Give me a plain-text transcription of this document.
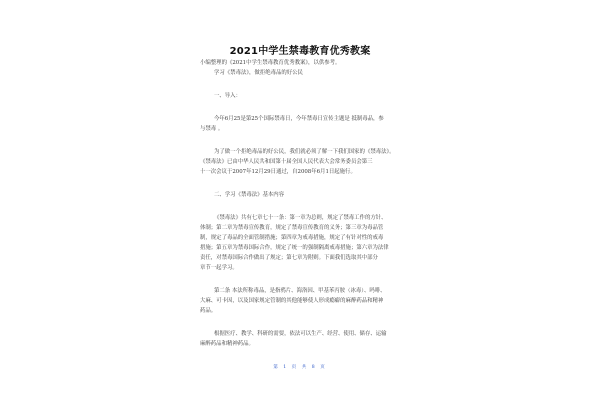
2021中学生禁毒教育优秀教案
小编整理的《2021中学生禁毒教育优秀教案》，以供参考。
学习《禁毒法》，做拒绝毒品的好公民
一、导入：
今年6月25是第25个国际禁毒日，今年禁毒日宣传主题是 抵制毒品，参
与禁毒 。
为了做一个拒绝毒品的好公民，我们就必须了解一下我们国家的《禁毒法》。
《禁毒法》已由中华人民共和国第十届全国人民代表大会常务委员会第三
十一次会议于2007年12月29日通过，自2008年6月1日起施行。
二、学习《禁毒法》基本内容
《禁毒法》共有七章七十一条：第一章为总则，规定了禁毒工作的方针、
体制；第二章为禁毒宣传教育，规定了禁毒宣传教育的义务；第三章为毒品管
制，规定了毒品的全面管制措施；第四章为戒毒措施，规定了有针对性的戒毒
措施；第五章为禁毒国际合作，规定了统一的强制隔离戒毒措施；第六章为法律
责任，对禁毒国际合作做出了规定；第七章为附则。下面我们选取其中部分
章节一起学习。
第二条 本法所称毒品，是指鸦片、海洛因、甲基苯丙胺（冰毒）、吗啡、
大麻、可卡因，以及国家规定管制的其他能够使人形成瘾癖的麻醉药品和精神
药品。
根据医疗、教学、科研的需要，依法可以生产、经营、使用、储存、运输
麻醉药品和精神药品。
第 1 页 共 8 页
